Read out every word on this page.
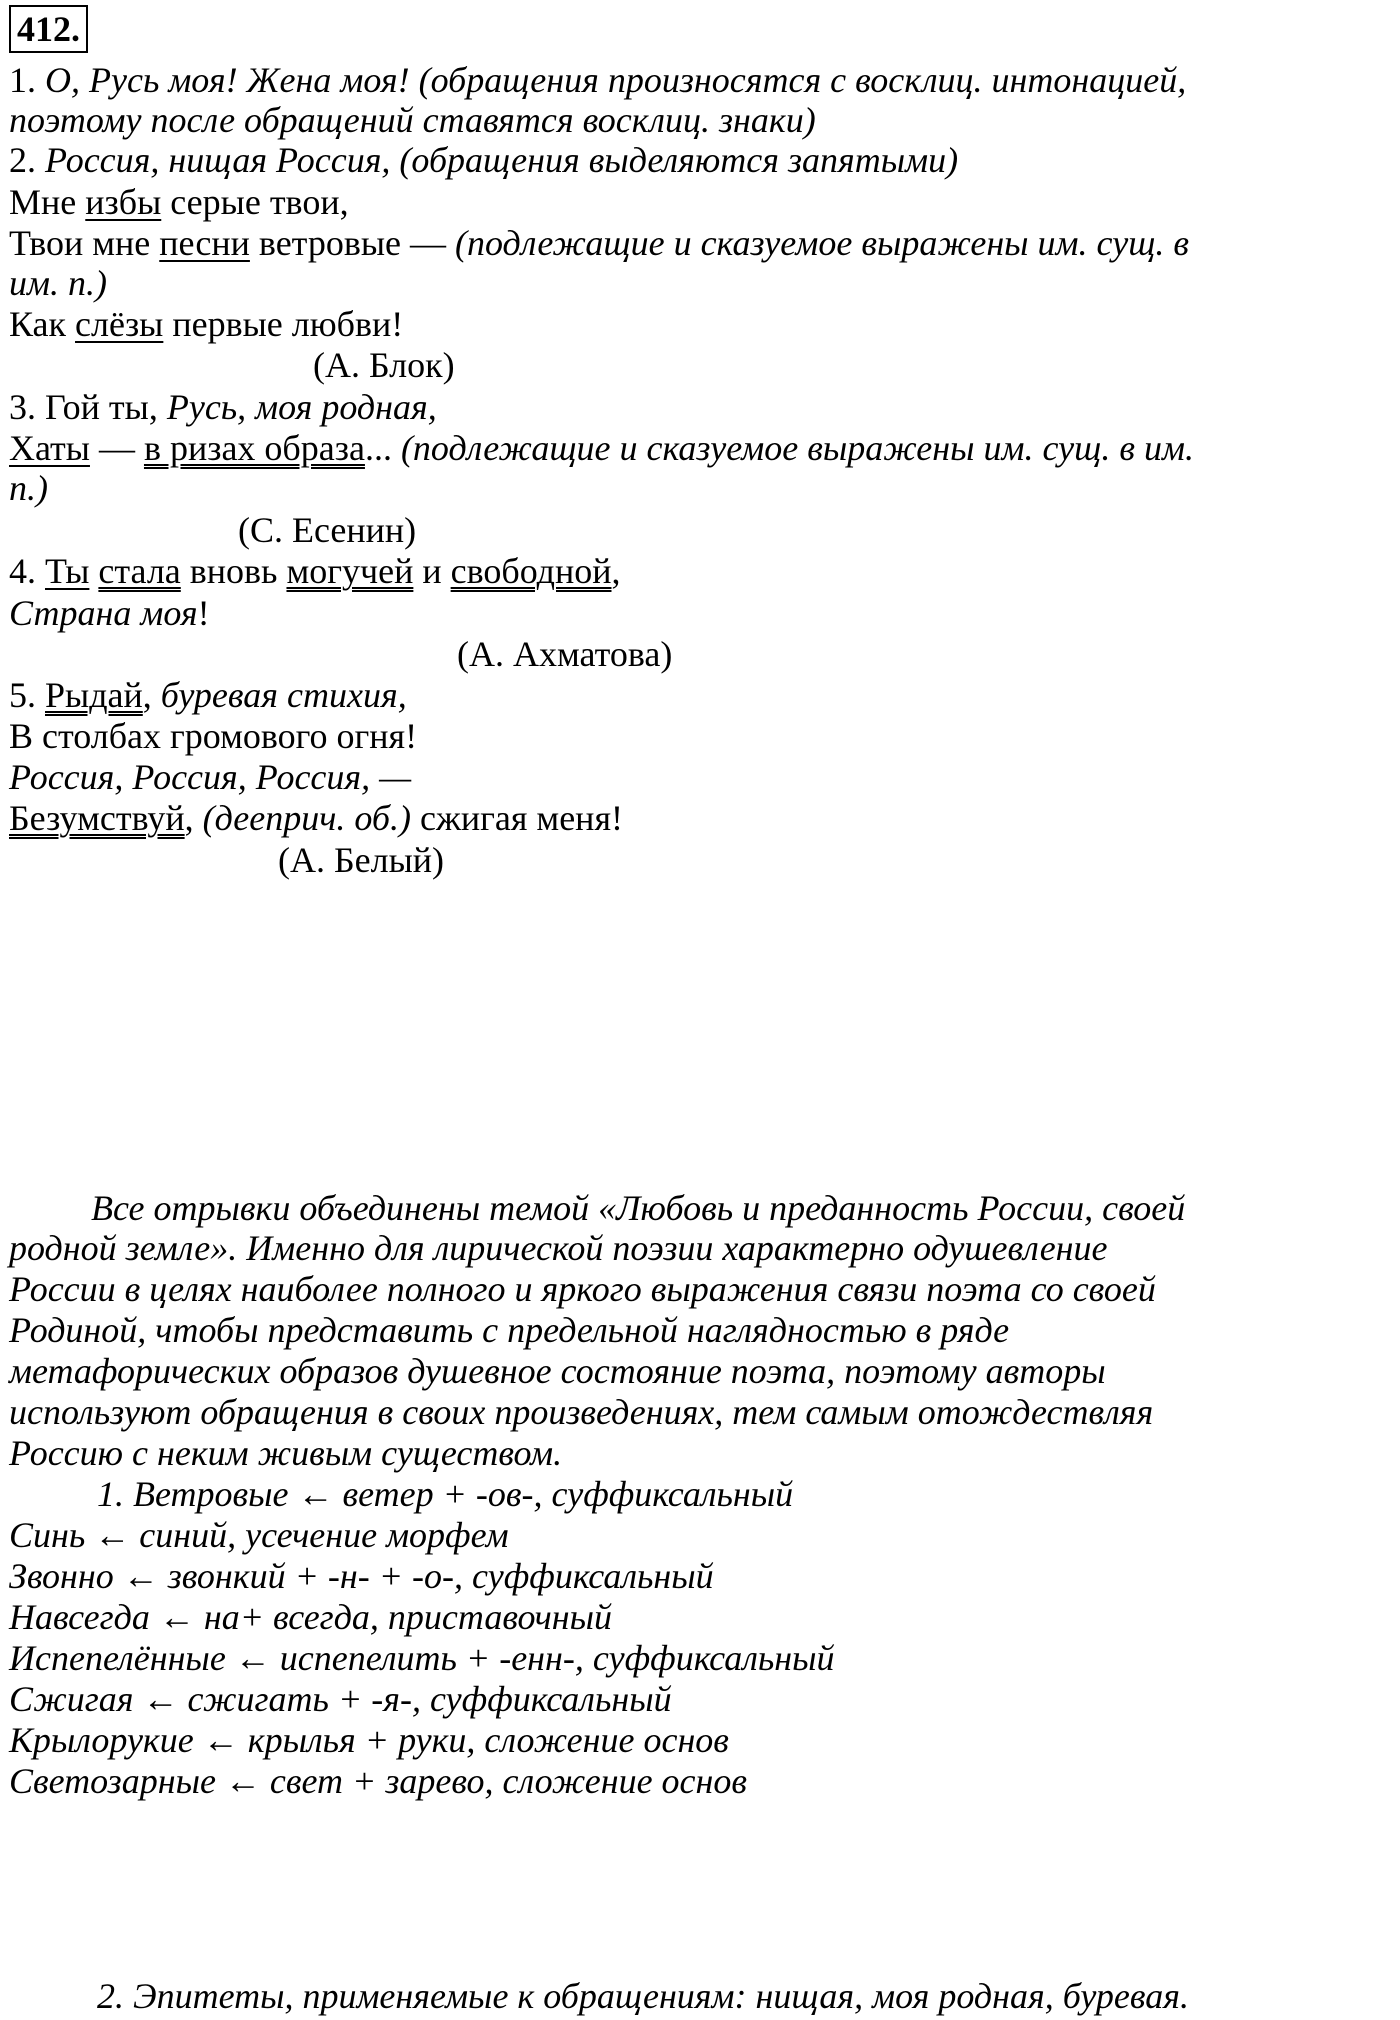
412.
1. О, Русь моя! Жена моя! (обращения произносятся с восклиц. интонацией,
поэтому после обращений ставятся восклиц. знаки)
2. Россия, нищая Россия, (обращения выделяются запятыми)
Мне избы серые твои,
Твои мне песни ветровые — (подлежащие и сказуемое выражены им. сущ. в
им. п.)
Как слёзы первые любви!
(А. Блок)
3. Гой ты, Русь, моя родная,
Хаты — в ризах образа... (подлежащие и сказуемое выражены им. сущ. в им.
п.)
(С. Есенин)
4. Ты стала вновь могучей и свободной,
Страна моя!
(А. Ахматова)
5. Рыдай, буревая стихия,
В столбах громового огня!
Россия, Россия, Россия, —
Безумствуй, (дееприч. об.) сжигая меня!
(А. Белый)
Все отрывки объединены темой «Любовь и преданность России, своей
родной земле». Именно для лирической поэзии характерно одушевление
России в целях наиболее полного и яркого выражения связи поэта со своей
Родиной, чтобы представить с предельной наглядностью в ряде
метафорических образов душевное состояние поэта, поэтому авторы
используют обращения в своих произведениях, тем самым отождествляя
Россию с неким живым существом.
1. Ветровые ← ветер + -ов-, суффиксальный
Синь ← синий, усечение морфем
Звонно ← звонкий + -н- + -о-, суффиксальный
Навсегда ← на+ всегда, приставочный
Испепелённые ← испепелить + -енн-, суффиксальный
Сжигая ← сжигать + -я-, суффиксальный
Крылорукие ← крылья + руки, сложение основ
Светозарные ← свет + зарево, сложение основ
2. Эпитеты, применяемые к обращениям: нищая, моя родная, буревая.
